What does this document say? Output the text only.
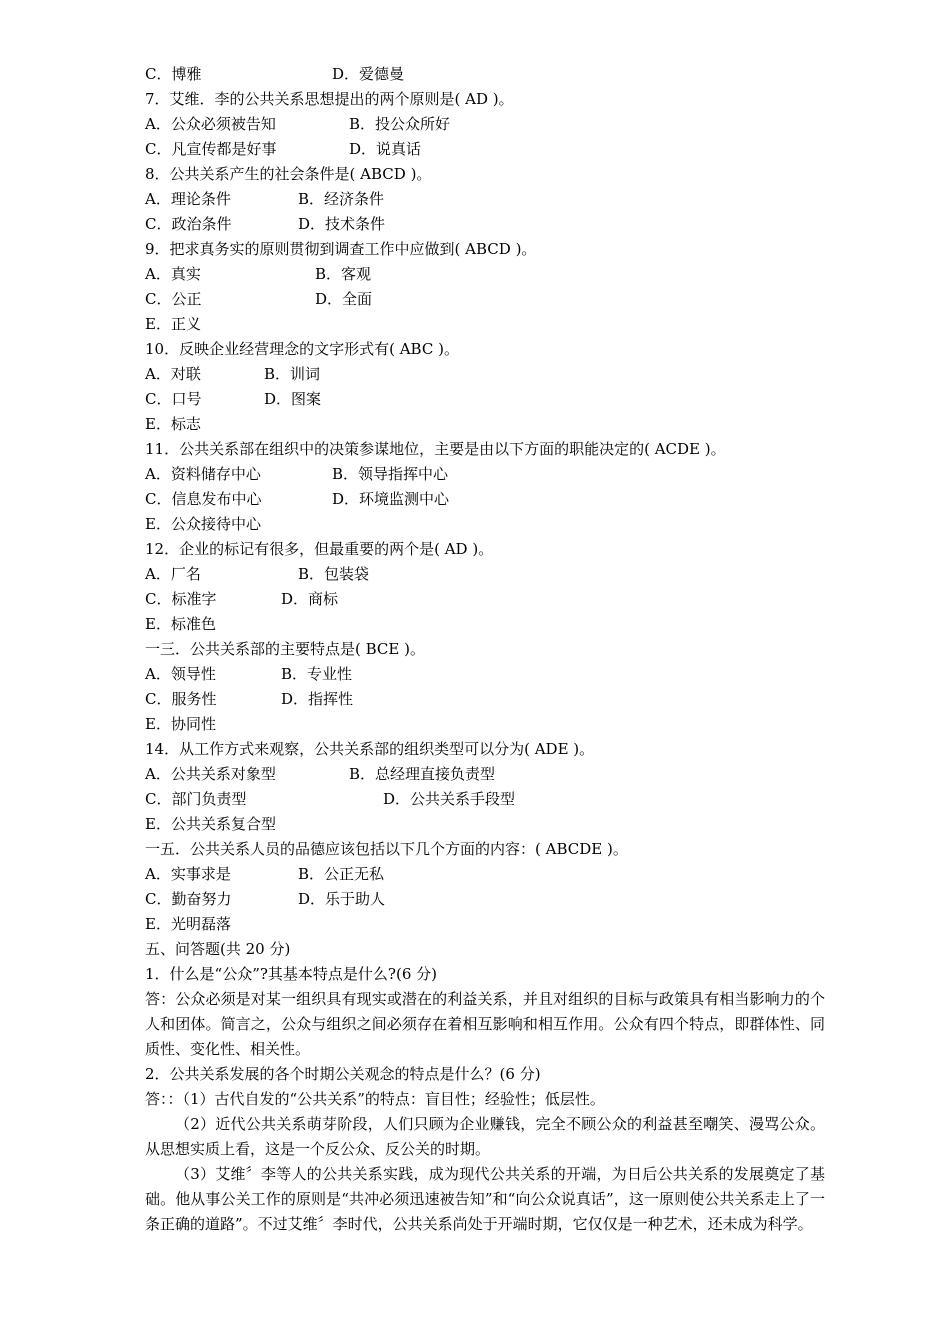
C．博雅	D．爱德曼
7．艾维．李的公共关系思想提出的两个原则是( AD )。
A．公众必须被告知	B．投公众所好
C．凡宣传都是好事	D．说真话
8．公共关系产生的社会条件是( ABCD )。
A．理论条件	B．经济条件
C．政治条件	D．技术条件
9．把求真务实的原则贯彻到调查工作中应做到( ABCD )。
A．真实	B．客观
C．公正	D．全面
E．正义
10．反映企业经营理念的文字形式有( ABC )。
A．对联	B．训词
C．口号	D．图案
E．标志
11．公共关系部在组织中的决策参谋地位，主要是由以下方面的职能决定的( ACDE )。
A．资料储存中心	B．领导指挥中心
C．信息发布中心	D．环境监测中心
E．公众接待中心
12．企业的标记有很多，但最重要的两个是( AD )。
A．厂名	B．包装袋
C．标准字	D．商标
E．标准色
一三．公共关系部的主要特点是( BCE )。
A．领导性	B．专业性
C．服务性	D．指挥性
E．协同性
14．从工作方式来观察，公共关系部的组织类型可以分为( ADE )。
A．公共关系对象型	B．总经理直接负责型
C．部门负责型	D．公共关系手段型
E．公共关系复合型
一五．公共关系人员的品德应该包括以下几个方面的内容：( ABCDE )。
A．实事求是	B．公正无私
C．勤奋努力	D．乐于助人
E．光明磊落
五、问答题(共 20 分)
1．什么是“公众”?其基本特点是什么?(6 分)
答：公众必须是对某一组织具有现实或潜在的利益关系，并且对组织的目标与政策具有相当影响力的个人和团体。简言之，公众与组织之间必须存在着相互影响和相互作用。公众有四个特点，即群体性、同质性、变化性、相关性。
2．公共关系发展的各个时期公关观念的特点是什么？(6 分)
答：：（1）古代自发的“公共关系”的特点：盲目性；经验性；低层性。
（2）近代公共关系萌芽阶段，人们只顾为企业赚钱，完全不顾公众的利益甚至嘲笑、漫骂公众。从思想实质上看，这是一个反公众、反公关的时期。
（3）艾维〞李等人的公共关系实践，成为现代公共关系的开端，为日后公共关系的发展奠定了基础。他从事公关工作的原则是“共冲必须迅速被告知”和“向公众说真话”，这一原则使公共关系走上了一条正确的道路”。不过艾维〞李时代，公共关系尚处于开端时期，它仅仅是一种艺术，还未成为科学。
